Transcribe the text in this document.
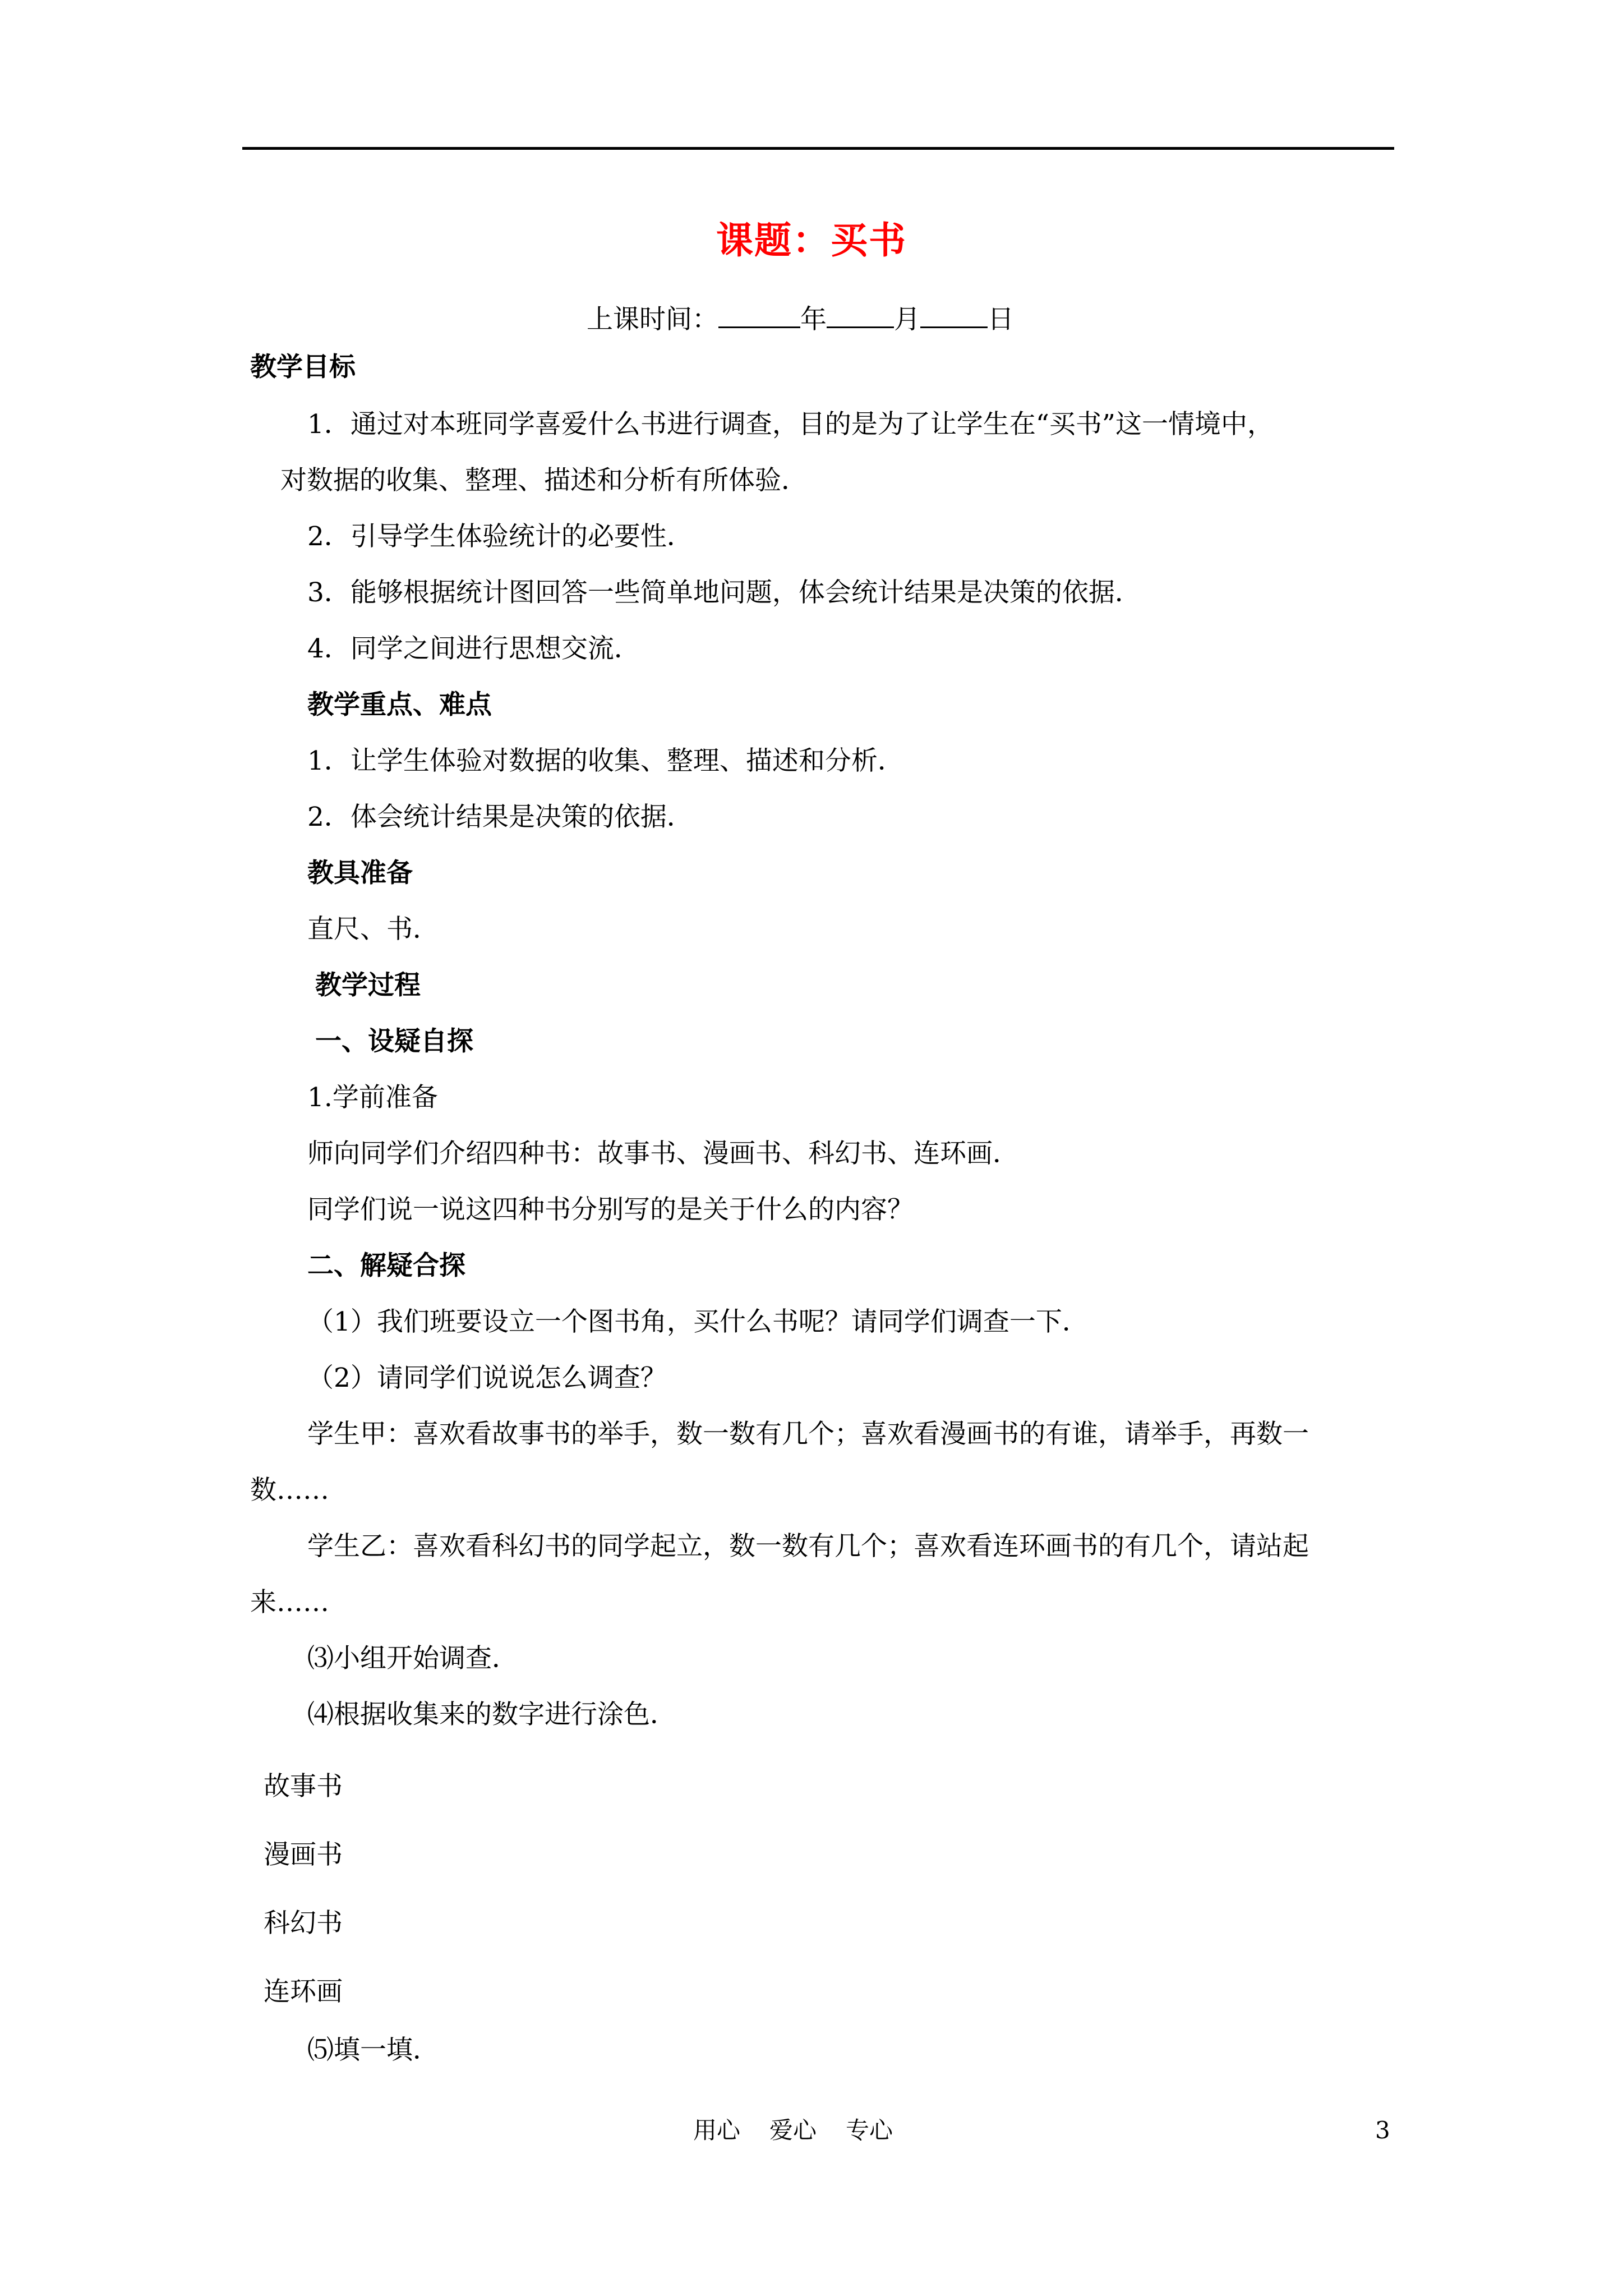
课题：买书
上课时间：	年	月	日
教学目标
1．通过对本班同学喜爱什么书进行调查，目的是为了让学生在“买书”这一情境中，
对数据的收集、整理、描述和分析有所体验．
2．引导学生体验统计的必要性．
3．能够根据统计图回答一些简单地问题，体会统计结果是决策的依据．
4．同学之间进行思想交流．
教学重点、难点
1．让学生体验对数据的收集、整理、描述和分析．
2．体会统计结果是决策的依据．
教具准备
直尺、书．
教学过程
一、设疑自探
1.学前准备
师向同学们介绍四种书：故事书、漫画书、科幻书、连环画．
同学们说一说这四种书分别写的是关于什么的内容？
二、解疑合探
（1）我们班要设立一个图书角，买什么书呢？请同学们调查一下．
（2）请同学们说说怎么调查？
学生甲：喜欢看故事书的举手，数一数有几个；喜欢看漫画书的有谁，请举手，再数一
数……
学生乙：喜欢看科幻书的同学起立，数一数有几个；喜欢看连环画书的有几个，请站起
来……
⑶小组开始调查．
⑷根据收集来的数字进行涂色．
故事书
漫画书
科幻书
连环画
⑸填一填．
用心 爱心 专心	3
